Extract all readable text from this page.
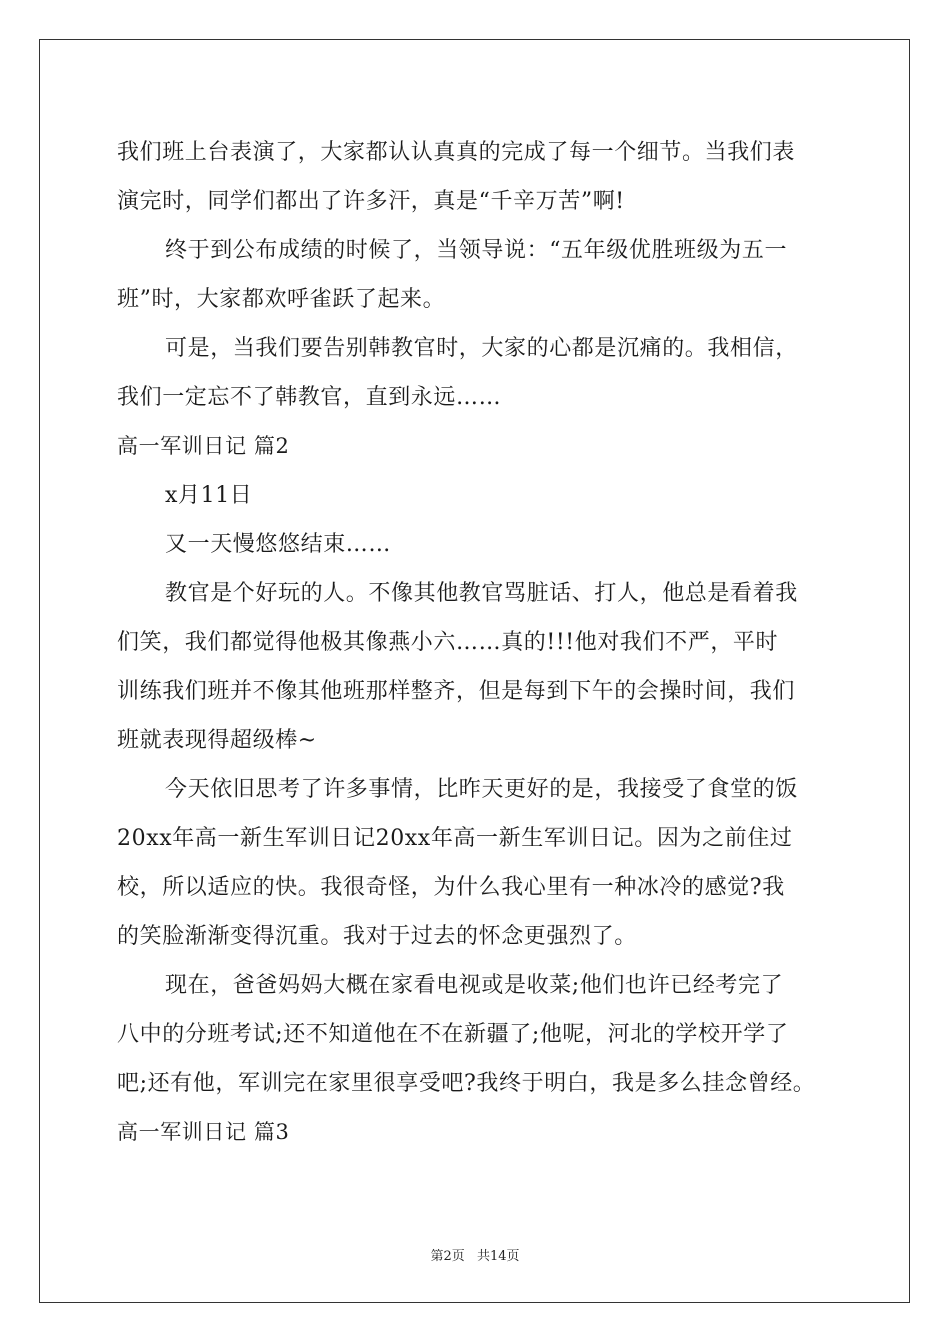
我们班上台表演了，大家都认认真真的完成了每一个细节。当我们表
演完时，同学们都出了许多汗，真是“千辛万苦”啊!
终于到公布成绩的时候了，当领导说：“五年级优胜班级为五一
班”时，大家都欢呼雀跃了起来。
可是，当我们要告别韩教官时，大家的心都是沉痛的。我相信，
我们一定忘不了韩教官，直到永远……
高一军训日记 篇2
x月11日
又一天慢悠悠结束……
教官是个好玩的人。不像其他教官骂脏话、打人，他总是看着我
们笑，我们都觉得他极其像燕小六……真的!!!他对我们不严，平时
训练我们班并不像其他班那样整齐，但是每到下午的会操时间，我们
班就表现得超级棒~
今天依旧思考了许多事情，比昨天更好的是，我接受了食堂的饭
20xx年高一新生军训日记20xx年高一新生军训日记。因为之前住过
校，所以适应的快。我很奇怪，为什么我心里有一种冰冷的感觉?我
的笑脸渐渐变得沉重。我对于过去的怀念更强烈了。
现在，爸爸妈妈大概在家看电视或是收菜;他们也许已经考完了
八中的分班考试;还不知道他在不在新疆了;他呢，河北的学校开学了
吧;还有他，军训完在家里很享受吧?我终于明白，我是多么挂念曾经。
高一军训日记 篇3
第2页 共14页
